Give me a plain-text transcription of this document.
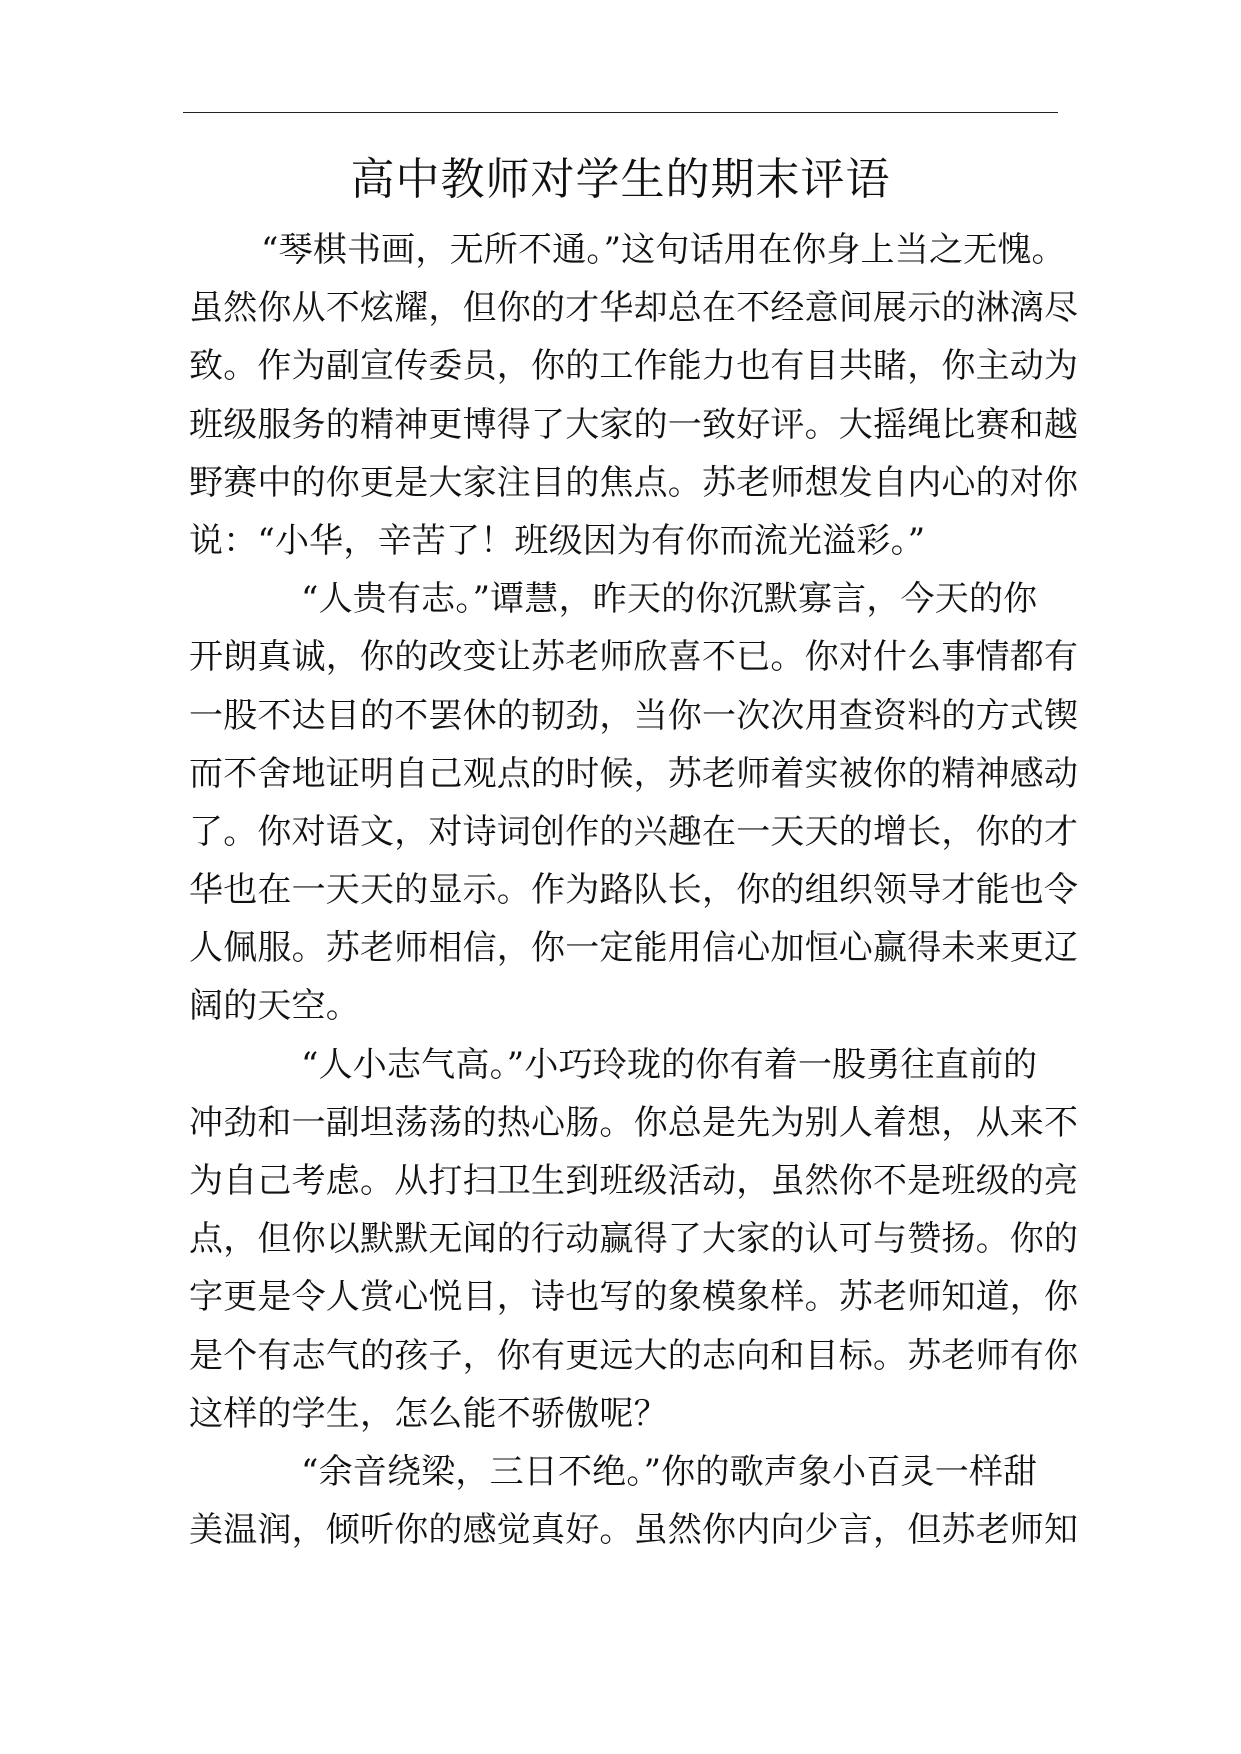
高中教师对学生的期末评语
“琴棋书画，无所不通。”这句话用在你身上当之无愧。
虽然你从不炫耀，但你的才华却总在不经意间展示的淋漓尽
致。作为副宣传委员，你的工作能力也有目共睹，你主动为
班级服务的精神更博得了大家的一致好评。大摇绳比赛和越
野赛中的你更是大家注目的焦点。苏老师想发自内心的对你
说：“小华，辛苦了！班级因为有你而流光溢彩。”
“人贵有志。”谭慧，昨天的你沉默寡言，今天的你
开朗真诚，你的改变让苏老师欣喜不已。你对什么事情都有
一股不达目的不罢休的韧劲，当你一次次用查资料的方式锲
而不舍地证明自己观点的时候，苏老师着实被你的精神感动
了。你对语文，对诗词创作的兴趣在一天天的增长，你的才
华也在一天天的显示。作为路队长，你的组织领导才能也令
人佩服。苏老师相信，你一定能用信心加恒心赢得未来更辽
阔的天空。
“人小志气高。”小巧玲珑的你有着一股勇往直前的
冲劲和一副坦荡荡的热心肠。你总是先为别人着想，从来不
为自己考虑。从打扫卫生到班级活动，虽然你不是班级的亮
点，但你以默默无闻的行动赢得了大家的认可与赞扬。你的
字更是令人赏心悦目，诗也写的象模象样。苏老师知道，你
是个有志气的孩子，你有更远大的志向和目标。苏老师有你
这样的学生，怎么能不骄傲呢？
“余音绕梁，三日不绝。”你的歌声象小百灵一样甜
美温润，倾听你的感觉真好。虽然你内向少言，但苏老师知
